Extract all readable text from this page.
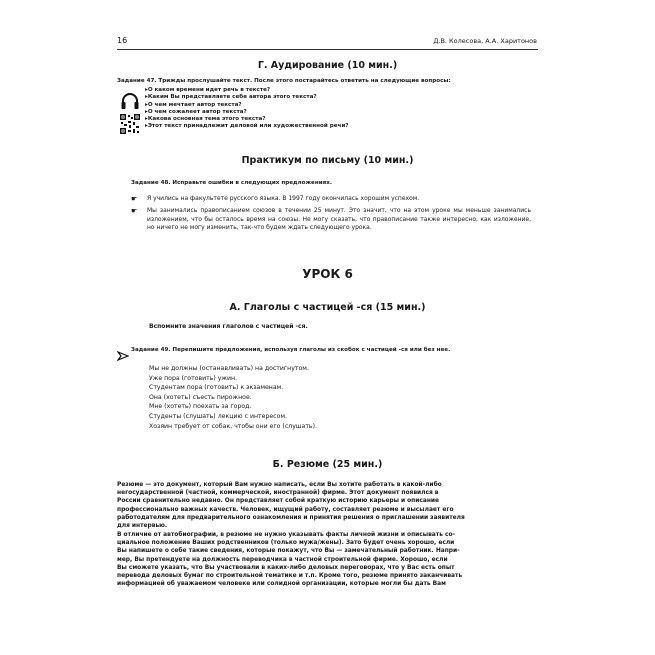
16	Д.В. Колесова, А.А. Харитонов
Г. Аудирование (10 мин.)
Задание 47. Трижды прослушайте текст. После этого постарайтесь ответить на следующие вопросы:
▸ О каком времени идет речь в тексте?
▸ Каким Вы представляете себе автора этого текста?
▸ О чем мечтает автор текста?
▸ О чем сожалеет автор текста?
▸ Какова основная тема этого текста?
▸ Этот текст принадлежит деловой или художественной речи?
Практикум по письму (10 мин.)
Задание 48. Исправьте ошибки в следующих предложениях.
☛ Я учились на факультете русского языка. В 1997 году окончилась хорошим успехом.
☛ Мы занимались правописанием союзов в течении 25 минут. Это значит, что на этом уроке мы меньше занимались изложением, что бы осталось время на союзы. Не могу сказать, что правописание также интересно, как изложение, но ничего не могу изменить, так-что будем ждать следующего урока.
УРОК 6
А. Глаголы с частицей -ся (15 мин.)
Вспомните значения глаголов с частицей -ся.
Задание 49. Перепишите предложения, используя глаголы из скобок с частицей -ся или без нее.
Мы не должны (останавливать) на достигнутом.
Уже пора (готовить) ужин.
Студентам пора (готовить) к экзаменам.
Она (хотеть) съесть пирожное.
Мне (хотеть) поехать за город.
Студенты (слушать) лекцию с интересом.
Хозяин требует от собак, чтобы они его (слушать).
Б. Резюме (25 мин.)
Резюме — это документ, который Вам нужно написать, если Вы хотите работать в какой-либо
негосударственной (частной, коммерческой, иностранной) фирме. Этот документ появился в
России сравнительно недавно. Он представляет собой краткую историю карьеры и описание
профессионально важных качеств. Человек, ищущий работу, составляет резюме и высылает его
работодателям для предварительного ознакомления и принятия решения о приглашении заявителя
для интервью.
В отличие от автобиографии, в резюме не нужно указывать факты личной жизни и описывать со-
циальное положение Ваших родственников (только мужа/жены). Зато будет очень хорошо, если
Вы напишете о себе такие сведения, которые покажут, что Вы — замечательный работник. Напри-
мер, Вы претендуете на должность переводчика в частной строительной фирме. Хорошо, если
Вы сможете указать, что Вы участвовали в каких-либо деловых переговорах, что у Вас есть опыт
перевода деловых бумаг по строительной тематике и т.п. Кроме того, резюме принято заканчивать
информацией об уважаемом человеке или солидной организации, которые могли бы дать Вам
